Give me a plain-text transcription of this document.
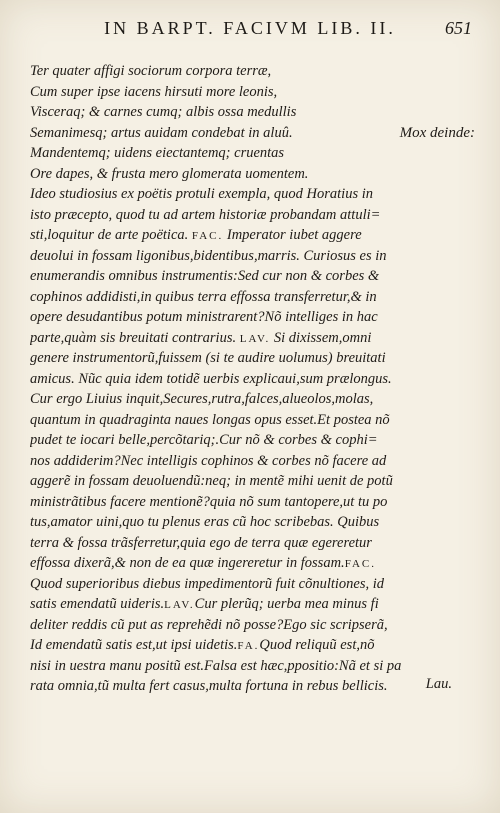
IN BARPT. FACIVM LIB. II.	651
Ter quater affigi sociorum corpora terræ,
Cum super ipse iacens hirsuti more leonis,
Visceraq; & carnes cumq; albis ossa medullis
Semanimesq; artus auidam condebat in aluû.	Mox deinde:
Mandentemq; uidens eiectantemq; cruentas
Ore dapes, & frusta mero glomerata uomentem.
Ideo studiosius ex poëtis protuli exempla, quod Horatius in
isto præcepto, quod tu ad artem historiæ probandam attuli=
sti,loquitur de arte poëtica. FAC. Imperator iubet aggere
deuolui in fossam ligonibus,bidentibus,marris. Curiosus es in
enumerandis omnibus instrumentis:Sed cur non & corbes &
cophinos addidisti,in quibus terra effossa transferretur,& in
opere desudantibus potum ministrarent?Nõ intelliges in hac
parte,quàm sis breuitati contrarius. LAV. Si dixissem,omni
genere instrumentorũ,fuissem (si te audire uolumus) breuitati
amicus. Nũc quia idem totidẽ uerbis explicaui,sum prælongus.
Cur ergo Liuius inquit,Secures,rutra,falces,alueolos,molas,
quantum in quadraginta naues longas opus esset.Et postea nõ
pudet te iocari belle,percõtariq;.Cur nõ & corbes & cophi=
nos addiderim?Nec intelligis cophinos & corbes nõ facere ad
aggerẽ in fossam deuoluendũ:neq; in mentẽ mihi uenit de potũ
ministrãtibus facere mentionẽ?quia nõ sum tantopere,ut tu po
tus,amator uini,quo tu plenus eras cũ hoc scribebas. Quibus
terra & fossa trãsferretur,quia ego de terra quæ egereretur
effossa dixerã,& non de ea quæ ingereretur in fossam.FAC.
Quod superioribus diebus impedimentorũ fuit cõnultiones, id
satis emendatũ uideris.LAV.Cur plerũq; uerba mea minus fi
deliter reddis cũ put as reprehẽdi nõ posse?Ego sic scripserã,
Id emendatũ satis est,ut ipsi uidetis.FA.Quod reliquũ est,nõ
nisi in uestra manu positũ est.Falsa est hæc,ppositio:Nã et si pa
rata omnia,tũ multa fert casus,multa fortuna in rebus bellicis.	Lau.
